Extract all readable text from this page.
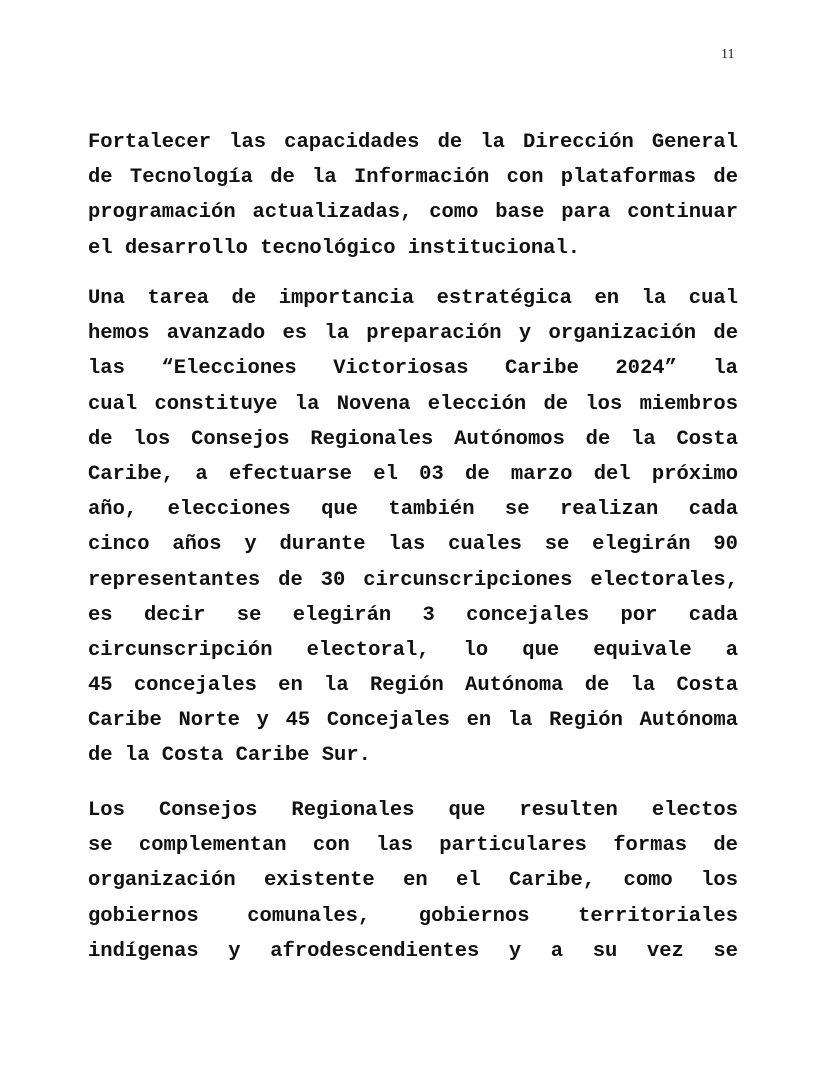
11
Fortalecer las capacidades de la Dirección General
de Tecnología de la Información con plataformas de
programación actualizadas, como base para continuar
el desarrollo tecnológico institucional.
Una tarea de importancia estratégica en la cual
hemos avanzado es la preparación y organización de
las “Elecciones Victoriosas Caribe 2024” la
cual constituye la Novena elección de los miembros
de los Consejos Regionales Autónomos de la Costa
Caribe, a efectuarse el 03 de marzo del próximo
año, elecciones que también se realizan cada
cinco años y durante las cuales se elegirán 90
representantes de 30 circunscripciones electorales,
es decir se elegirán 3 concejales por cada
circunscripción electoral, lo que equivale a
45 concejales en la Región Autónoma de la Costa
Caribe Norte y 45 Concejales en la Región Autónoma
de la Costa Caribe Sur.
Los Consejos Regionales que resulten electos
se complementan con las particulares formas de
organización existente en el Caribe, como los
gobiernos comunales, gobiernos territoriales
indígenas y afrodescendientes y a su vez se
